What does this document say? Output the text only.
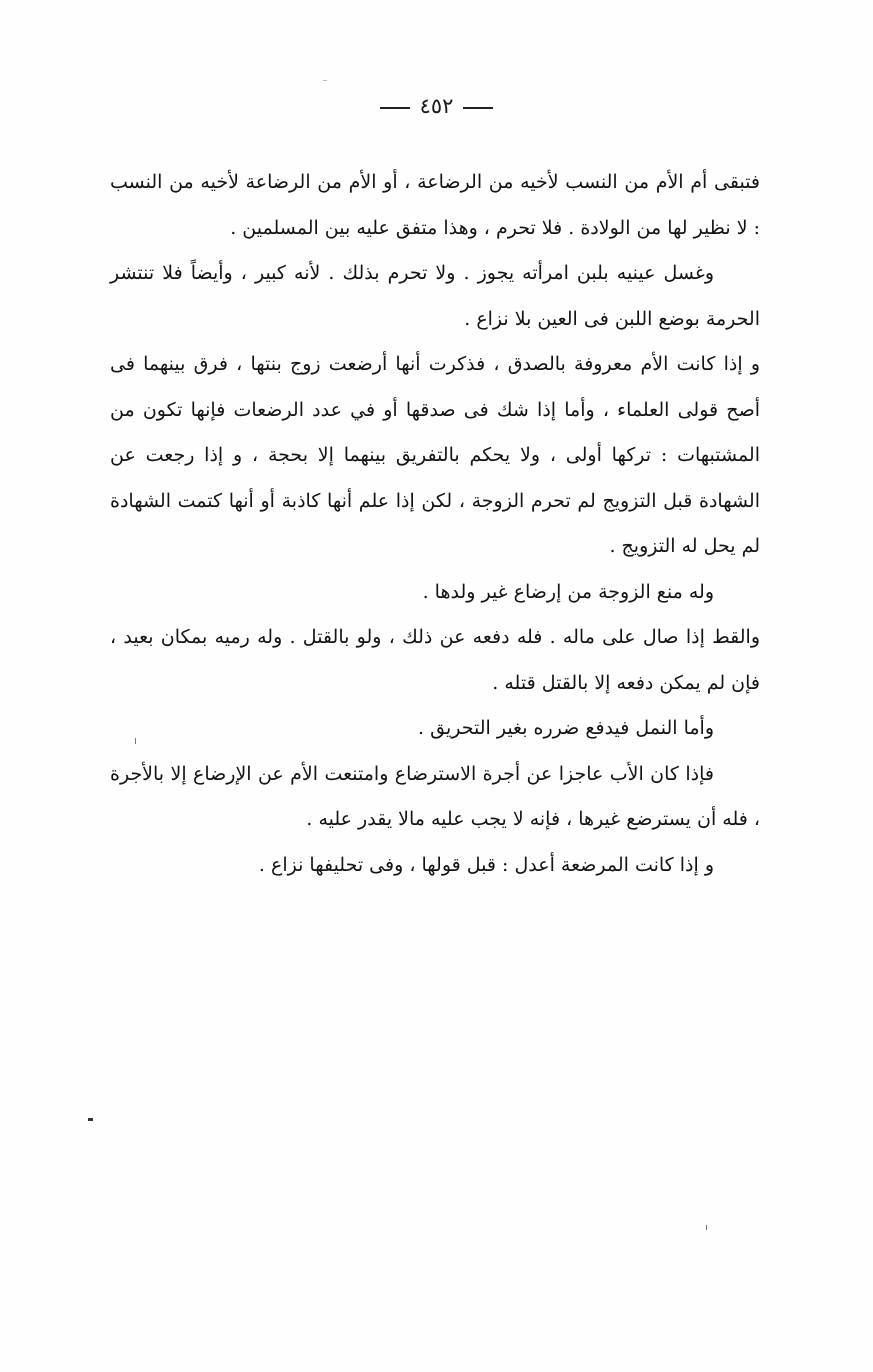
٤٥٢

فتبقى أم الأم من النسب لأخيه من الرضاعة ، أو الأم من الرضاعة لأخيه من النسب : لا نظير لها من الولادة . فلا تحرم ، وهذا متفق عليه بين المسلمين .

وغسل عينيه بلبن امرأته يجوز . ولا تحرم بذلك . لأنه كبير ، وأيضاً فلا تنتشر الحرمة بوضع اللبن فى العين بلا نزاع .

و إذا كانت الأم معروفة بالصدق ، فذكرت أنها أرضعت زوج بنتها ، فرق بينهما فى أصح قولى العلماء ، وأما إذا شك فى صدقها أو في عدد الرضعات فإنها تكون من المشتبهات : تركها أولى ، ولا يحكم بالتفريق بينهما إلا بحجة ، و إذا رجعت عن الشهادة قبل التزويج لم تحرم الزوجة ، لكن إذا علم أنها كاذبة أو أنها كتمت الشهادة لم يحل له التزويج .

وله منع الزوجة من إرضاع غير ولدها .

والقط إذا صال على ماله . فله دفعه عن ذلك ، ولو بالقتل . وله رميه بمكان بعيد ، فإن لم يمكن دفعه إلا بالقتل قتله .

وأما النمل فيدفع ضرره بغير التحريق .

فإذا كان الأب عاجزا عن أجرة الاسترضاع وامتنعت الأم عن الإرضاع إلا بالأجرة ، فله أن يسترضع غيرها ، فإنه لا يجب عليه مالا يقدر عليه .

و إذا كانت المرضعة أعدل : قبل قولها ، وفى تحليفها نزاع .
